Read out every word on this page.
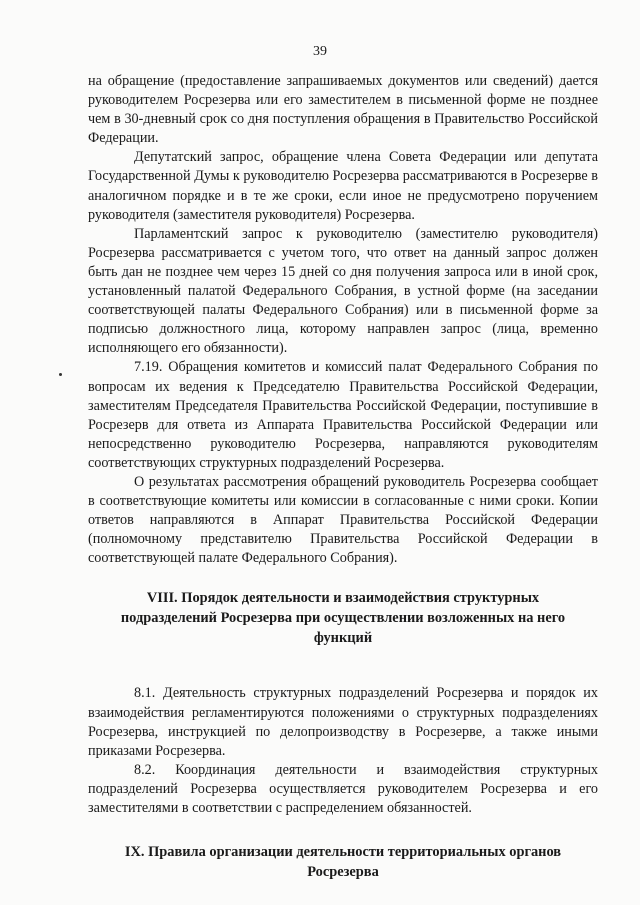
39

на обращение (предоставление запрашиваемых документов или сведений) дается руководителем Росрезерва или его заместителем в письменной форме не позднее чем в 30-дневный срок со дня поступления обращения в Правительство Российской Федерации.

Депутатский запрос, обращение члена Совета Федерации или депутата Государственной Думы к руководителю Росрезерва рассматриваются в Росрезерве в аналогичном порядке и в те же сроки, если иное не предусмотрено поручением руководителя (заместителя руководителя) Росрезерва.

Парламентский запрос к руководителю (заместителю руководителя) Росрезерва рассматривается с учетом того, что ответ на данный запрос должен быть дан не позднее чем через 15 дней со дня получения запроса или в иной срок, установленный палатой Федерального Собрания, в устной форме (на заседании соответствующей палаты Федерального Собрания) или в письменной форме за подписью должностного лица, которому направлен запрос (лица, временно исполняющего его обязанности).

7.19. Обращения комитетов и комиссий палат Федерального Собрания по вопросам их ведения к Председателю Правительства Российской Федерации, заместителям Председателя Правительства Российской Федерации, поступившие в Росрезерв для ответа из Аппарата Правительства Российской Федерации или непосредственно руководителю Росрезерва, направляются руководителям соответствующих структурных подразделений Росрезерва.

О результатах рассмотрения обращений руководитель Росрезерва сообщает в соответствующие комитеты или комиссии в согласованные с ними сроки. Копии ответов направляются в Аппарат Правительства Российской Федерации (полномочному представителю Правительства Российской Федерации в соответствующей палате Федерального Собрания).

VIII. Порядок деятельности и взаимодействия структурных
подразделений Росрезерва при осуществлении возложенных на него
функций

8.1. Деятельность структурных подразделений Росрезерва и порядок их взаимодействия регламентируются положениями о структурных подразделениях Росрезерва, инструкцией по делопроизводству в Росрезерве, а также иными приказами Росрезерва.

8.2. Координация деятельности и взаимодействия структурных подразделений Росрезерва осуществляется руководителем Росрезерва и его заместителями в соответствии с распределением обязанностей.

IX. Правила организации деятельности территориальных органов
Росрезерва
